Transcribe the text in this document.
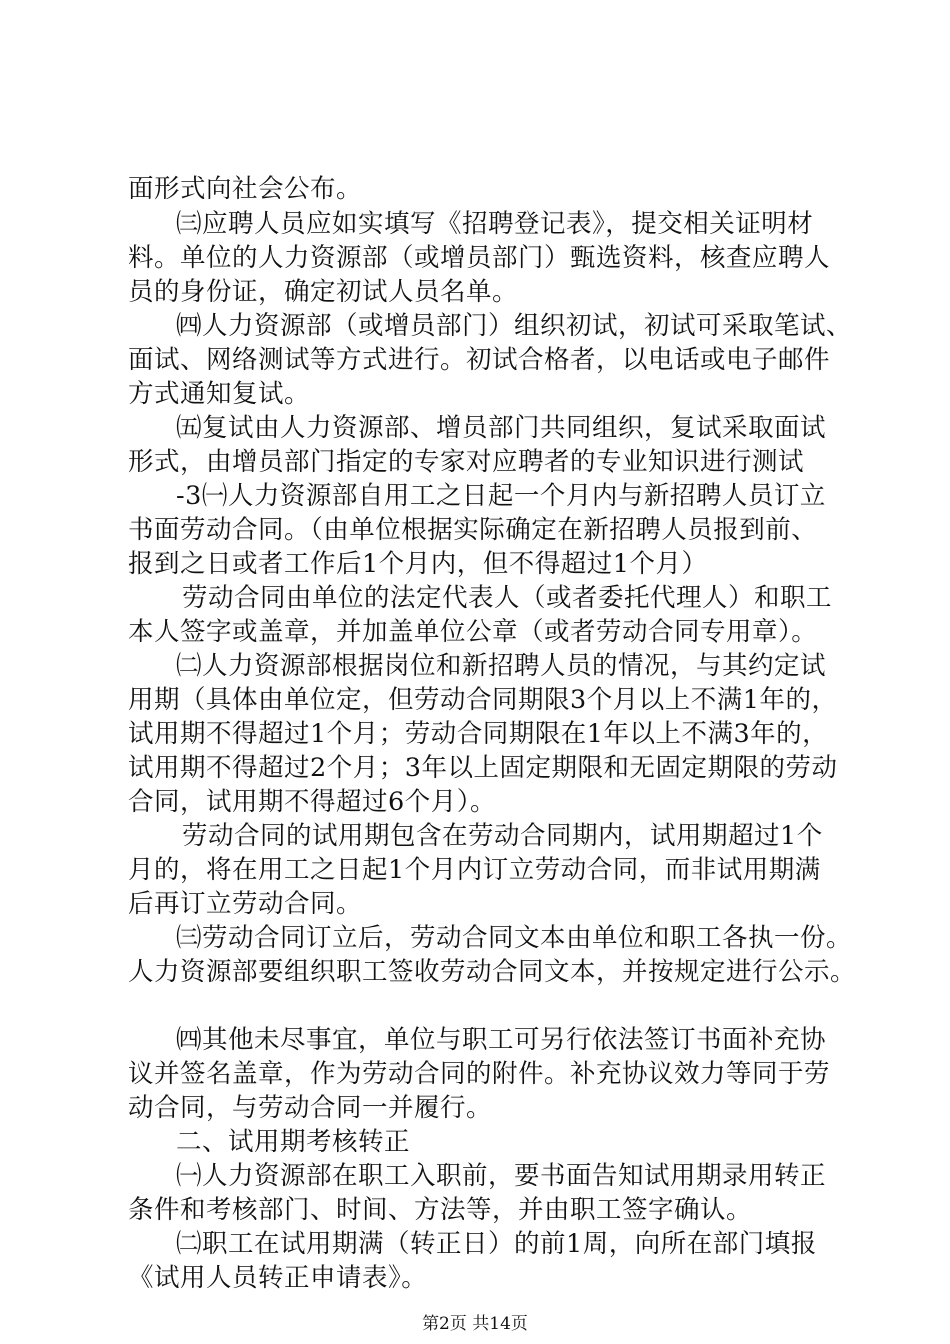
面形式向社会公布。
㈢应聘人员应如实填写《招聘登记表》，提交相关证明材
料。单位的人力资源部（或增员部门）甄选资料，核查应聘人
员的身份证，确定初试人员名单。
㈣人力资源部（或增员部门）组织初试，初试可采取笔试、
面试、网络测试等方式进行。初试合格者，以电话或电子邮件
方式通知复试。
㈤复试由人力资源部、增员部门共同组织，复试采取面试
形式，由增员部门指定的专家对应聘者的专业知识进行测试
-3㈠人力资源部自用工之日起一个月内与新招聘人员订立
书面劳动合同。（由单位根据实际确定在新招聘人员报到前、
报到之日或者工作后1个月内，但不得超过1个月）
劳动合同由单位的法定代表人（或者委托代理人）和职工
本人签字或盖章，并加盖单位公章（或者劳动合同专用章）。
㈡人力资源部根据岗位和新招聘人员的情况，与其约定试
用期（具体由单位定，但劳动合同期限3个月以上不满1年的，
试用期不得超过1个月；劳动合同期限在1年以上不满3年的，
试用期不得超过2个月；3年以上固定期限和无固定期限的劳动
合同，试用期不得超过6个月）。
劳动合同的试用期包含在劳动合同期内，试用期超过1个
月的，将在用工之日起1个月内订立劳动合同，而非试用期满
后再订立劳动合同。
㈢劳动合同订立后，劳动合同文本由单位和职工各执一份。
人力资源部要组织职工签收劳动合同文本，并按规定进行公示。
㈣其他未尽事宜，单位与职工可另行依法签订书面补充协
议并签名盖章，作为劳动合同的附件。补充协议效力等同于劳
动合同，与劳动合同一并履行。
二、试用期考核转正
㈠人力资源部在职工入职前，要书面告知试用期录用转正
条件和考核部门、时间、方法等，并由职工签字确认。
㈡职工在试用期满（转正日）的前1周，向所在部门填报
《试用人员转正申请表》。
第2页 共14页
